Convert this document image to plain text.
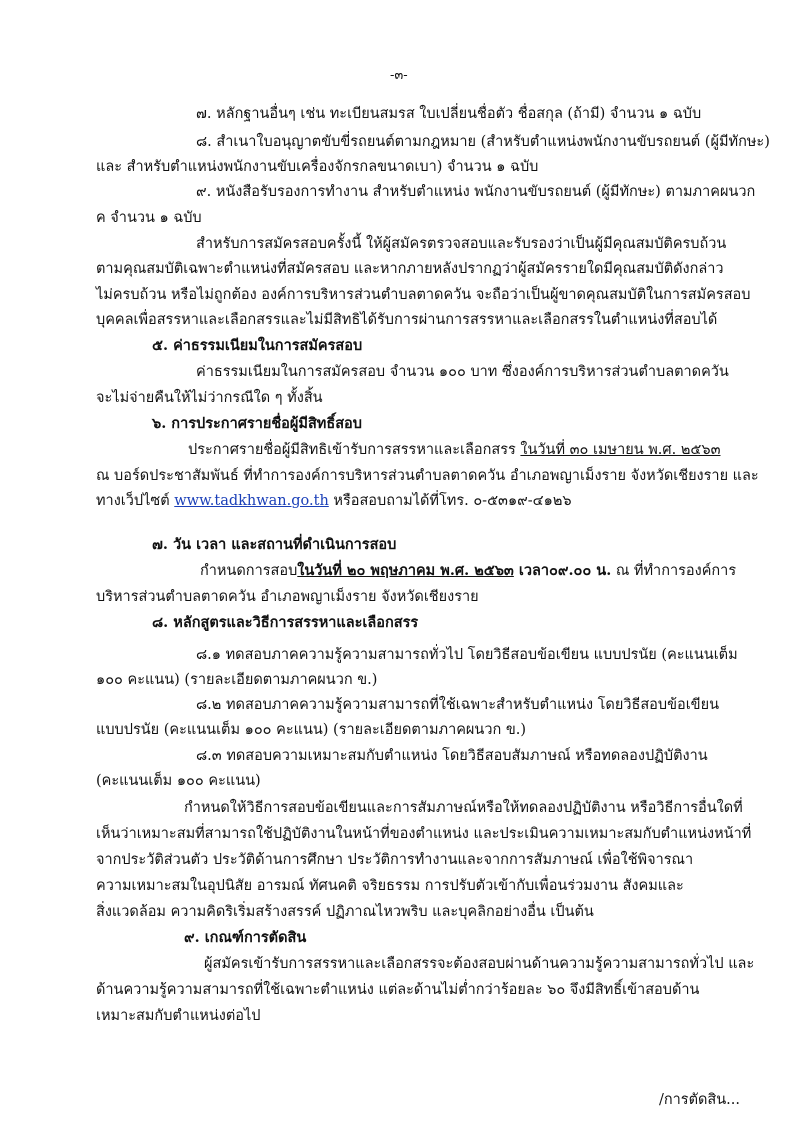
-๓-
๗. หลักฐานอื่นๆ เช่น ทะเบียนสมรส ใบเปลี่ยนชื่อตัว ชื่อสกุล (ถ้ามี) จำนวน ๑ ฉบับ
๘. สำเนาใบอนุญาตขับขี่รถยนต์ตามกฎหมาย (สำหรับตำแหน่งพนักงานขับรถยนต์ (ผู้มีทักษะ)
และ สำหรับตำแหน่งพนักงานขับเครื่องจักรกลขนาดเบา) จำนวน ๑ ฉบับ
๙. หนังสือรับรองการทำงาน สำหรับตำแหน่ง พนักงานขับรถยนต์ (ผู้มีทักษะ) ตามภาคผนวก
ค จำนวน ๑ ฉบับ
สำหรับการสมัครสอบครั้งนี้ ให้ผู้สมัครตรวจสอบและรับรองว่าเป็นผู้มีคุณสมบัติครบถ้วน
ตามคุณสมบัติเฉพาะตำแหน่งที่สมัครสอบ และหากภายหลังปรากฏว่าผู้สมัครรายใดมีคุณสมบัติดังกล่าว
ไม่ครบถ้วน หรือไม่ถูกต้อง องค์การบริหารส่วนตำบลตาดควัน จะถือว่าเป็นผู้ขาดคุณสมบัติในการสมัครสอบ
บุคคลเพื่อสรรหาและเลือกสรรและไม่มีสิทธิได้รับการผ่านการสรรหาและเลือกสรรในตำแหน่งที่สอบได้
๕. ค่าธรรมเนียมในการสมัครสอบ
ค่าธรรมเนียมในการสมัครสอบ จำนวน ๑๐๐ บาท ซึ่งองค์การบริหารส่วนตำบลตาดควัน
จะไม่จ่ายคืนให้ไม่ว่ากรณีใด ๆ ทั้งสิ้น
๖. การประกาศรายชื่อผู้มีสิทธิ์สอบ
ประกาศรายชื่อผู้มีสิทธิเข้ารับการสรรหาและเลือกสรร ในวันที่ ๓๐ เมษายน พ.ศ. ๒๕๖๓
ณ บอร์ดประชาสัมพันธ์ ที่ทำการองค์การบริหารส่วนตำบลตาดควัน อำเภอพญาเม็งราย จังหวัดเชียงราย และ
ทางเว็ปไซต์ www.tadkhwan.go.th หรือสอบถามได้ที่โทร. ๐-๕๓๑๙-๔๑๒๖
๗. วัน เวลา และสถานที่ดำเนินการสอบ
กำหนดการสอบในวันที่ ๒๐ พฤษภาคม พ.ศ. ๒๕๖๓ เวลา๐๙.๐๐ น. ณ ที่ทำการองค์การ
บริหารส่วนตำบลตาดควัน อำเภอพญาเม็งราย จังหวัดเชียงราย
๘. หลักสูตรและวิธีการสรรหาและเลือกสรร
๘.๑ ทดสอบภาคความรู้ความสามารถทั่วไป โดยวิธีสอบข้อเขียน แบบปรนัย (คะแนนเต็ม
๑๐๐ คะแนน) (รายละเอียดตามภาคผนวก ข.)
๘.๒ ทดสอบภาคความรู้ความสามารถที่ใช้เฉพาะสำหรับตำแหน่ง โดยวิธีสอบข้อเขียน
แบบปรนัย (คะแนนเต็ม ๑๐๐ คะแนน) (รายละเอียดตามภาคผนวก ข.)
๘.๓ ทดสอบความเหมาะสมกับตำแหน่ง โดยวิธีสอบสัมภาษณ์ หรือทดลองปฏิบัติงาน
(คะแนนเต็ม ๑๐๐ คะแนน)
กำหนดให้วิธีการสอบข้อเขียนและการสัมภาษณ์หรือให้ทดลองปฏิบัติงาน หรือวิธีการอื่นใดที่
เห็นว่าเหมาะสมที่สามารถใช้ปฏิบัติงานในหน้าที่ของตำแหน่ง และประเมินความเหมาะสมกับตำแหน่งหน้าที่
จากประวัติส่วนตัว ประวัติด้านการศึกษา ประวัติการทำงานและจากการสัมภาษณ์ เพื่อใช้พิจารณา
ความเหมาะสมในอุปนิสัย อารมณ์ ทัศนคติ จริยธรรม การปรับตัวเข้ากับเพื่อนร่วมงาน สังคมและ
สิ่งแวดล้อม ความคิดริเริ่มสร้างสรรค์ ปฏิภาณไหวพริบ และบุคลิกอย่างอื่น เป็นต้น
๙. เกณฑ์การตัดสิน
ผู้สมัครเข้ารับการสรรหาและเลือกสรรจะต้องสอบผ่านด้านความรู้ความสามารถทั่วไป และ
ด้านความรู้ความสามารถที่ใช้เฉพาะตำแหน่ง แต่ละด้านไม่ต่ำกว่าร้อยละ ๖๐ จึงมีสิทธิ์เข้าสอบด้าน
เหมาะสมกับตำแหน่งต่อไป
/การตัดสิน...
